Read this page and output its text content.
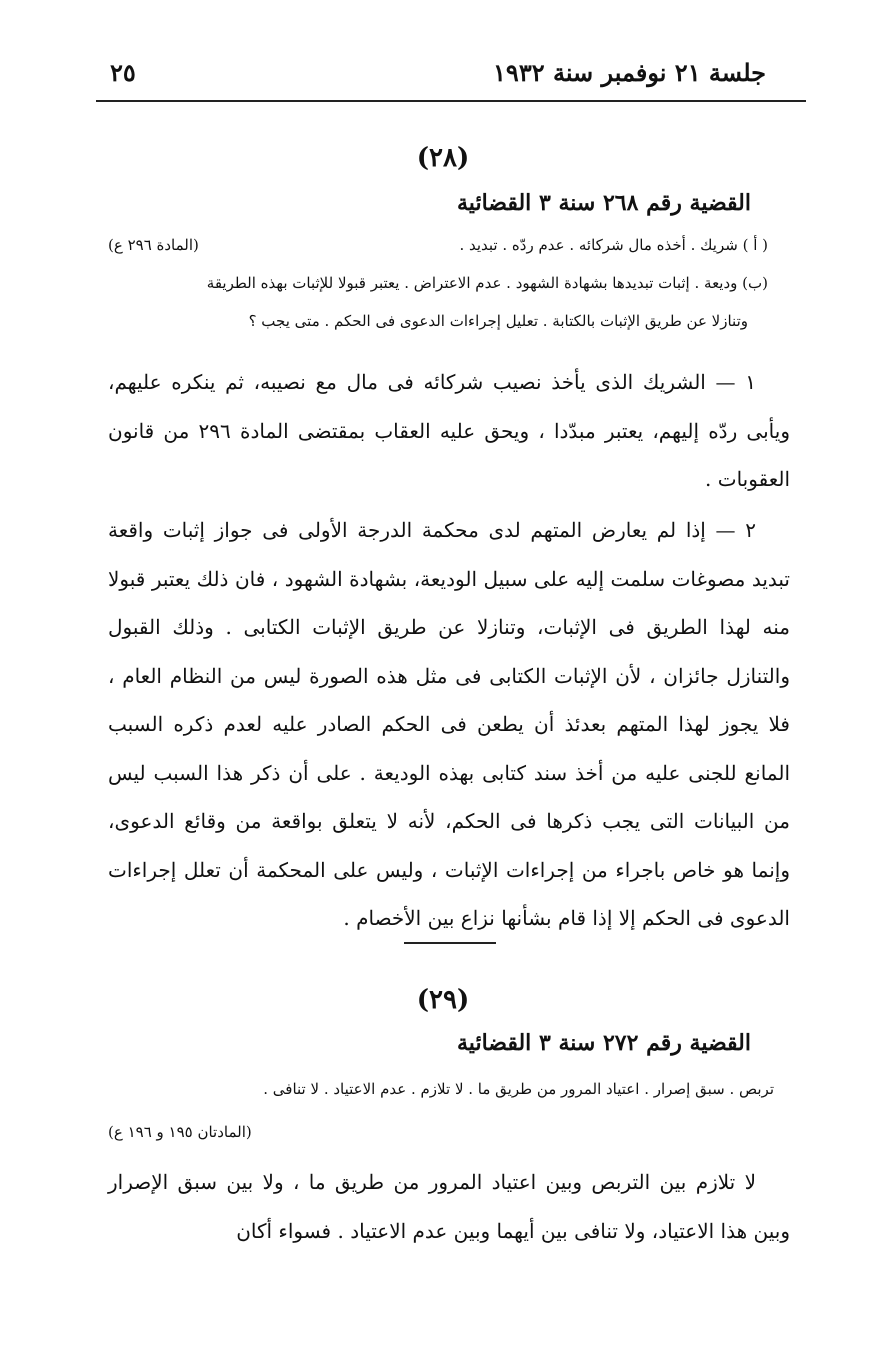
جلسة ٢١ نوفمبر سنة ١٩٣٢
٢٥
(٢٨)
القضية رقم ٢٦٨ سنة ٣ القضائية
( أ ) شريك . أخذه مال شركائه . عدم ردّه . تبديد .
(ب) وديعة . إثبات تبديدها بشهادة الشهود . عدم الاعتراض . يعتبر قبولا للإثبات بهذه الطريقة
وتنازلا عن طريق الإثبات بالكتابة . تعليل إجراءات الدعوى فى الحكم . متى يجب ؟
(المادة ٢٩٦ ع)

١ — الشريك الذى يأخذ نصيب شركائه فى مال مع نصيبه، ثم ينكره عليهم، ويأبى ردّه إليهم، يعتبر مبدّدا ، ويحق عليه العقاب بمقتضى المادة ٢٩٦ من قانون العقوبات .

٢ — إذا لم يعارض المتهم لدى محكمة الدرجة الأولى فى جواز إثبات واقعة تبديد مصوغات سلمت إليه على سبيل الوديعة، بشهادة الشهود ، فان ذلك يعتبر قبولا منه لهذا الطريق فى الإثبات، وتنازلا عن طريق الإثبات الكتابى . وذلك القبول والتنازل جائزان ، لأن الإثبات الكتابى فى مثل هذه الصورة ليس من النظام العام ، فلا يجوز لهذا المتهم بعدئذ أن يطعن فى الحكم الصادر عليه لعدم ذكره السبب المانع للجنى عليه من أخذ سند كتابى بهذه الوديعة . على أن ذكر هذا السبب ليس من البيانات التى يجب ذكرها فى الحكم، لأنه لا يتعلق بواقعة من وقائع الدعوى، وإنما هو خاص باجراء من إجراءات الإثبات ، وليس على المحكمة أن تعلل إجراءات الدعوى فى الحكم إلا إذا قام بشأنها نزاع بين الأخصام .

(٢٩)
القضية رقم ٢٧٢ سنة ٣ القضائية
تربص . سبق إصرار . اعتياد المرور من طريق ما . لا تلازم . عدم الاعتياد . لا تنافى .
(المادتان ١٩٥ و ١٩٦ ع)

لا تلازم بين التربص وبين اعتياد المرور من طريق ما ، ولا بين سبق الإصرار وبين هذا الاعتياد، ولا تنافى بين أيهما وبين عدم الاعتياد . فسواء أكان
